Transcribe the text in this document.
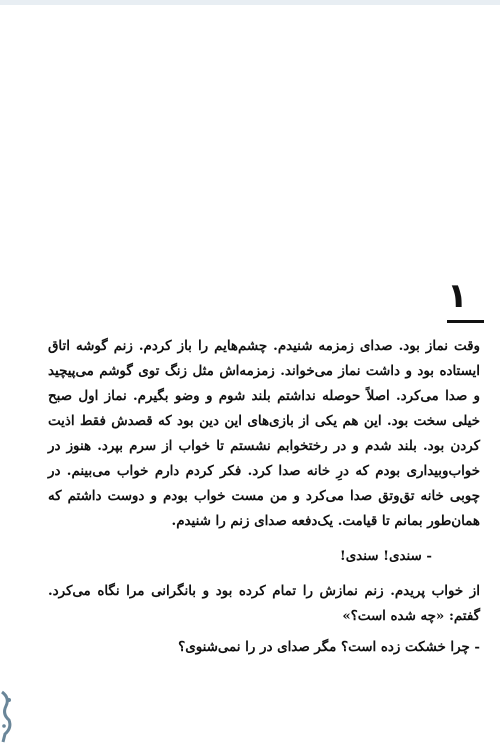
۱

وقت نماز بود. صدای زمزمه شنیدم. چشم‌هایم را باز کردم. زنم گوشه اتاق ایستاده بود و داشت نماز می‌خواند. زمزمه‌اش مثل زنگ توی گوشم می‌پیچید و صدا می‌کرد. اصلاً حوصله نداشتم بلند شوم و وضو بگیرم. نماز اول صبح خیلی سخت بود. این هم یکی از بازی‌های این دین بود که قصدش فقط اذیت کردن بود. بلند شدم و در رختخوابم نشستم تا خواب از سرم بپرد. هنوز در خواب‌وبیداری بودم که درِ خانه صدا کرد. فکر کردم دارم خواب می‌بینم. در چوبی خانه تق‌وتق صدا می‌کرد و من مست خواب بودم و دوست داشتم که همان‌طور بمانم تا قیامت. یک‌دفعه صدای زنم را شنیدم.

- سندی! سندی!

از خواب پریدم. زنم نمازش را تمام کرده بود و بانگرانی مرا نگاه می‌کرد. گفتم: «چه شده است؟»

- چرا خشکت زده است؟ مگر صدای در را نمی‌شنوی؟
